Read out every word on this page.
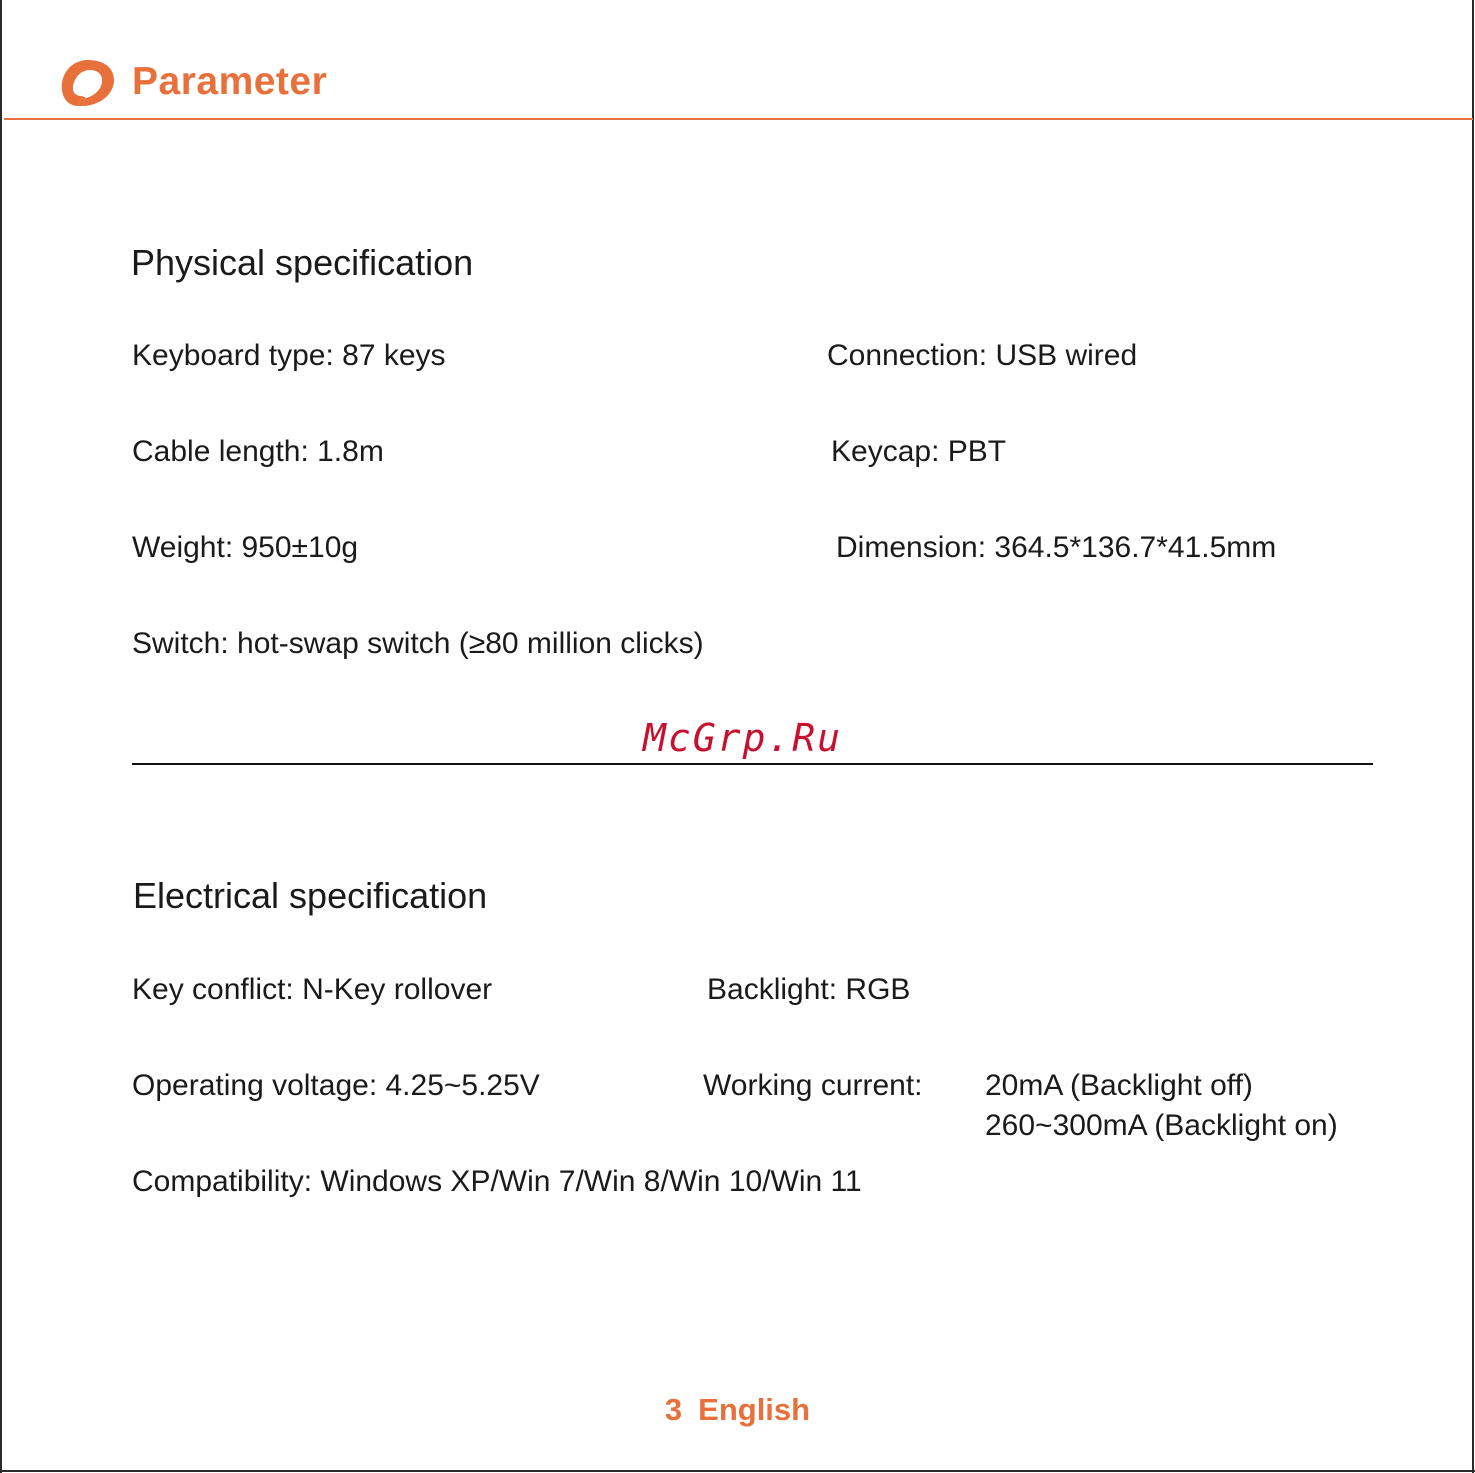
Parameter
Physical specification
Keyboard type: 87 keys	Connection: USB wired
Cable length: 1.8m	Keycap: PBT
Weight: 950±10g	Dimension: 364.5*136.7*41.5mm
Switch: hot-swap switch (≥80 million clicks)
McGrp.Ru
Electrical specification
Key conflict: N-Key rollover	Backlight: RGB
Operating voltage: 4.25~5.25V	Working current: 20mA (Backlight off)
260~300mA (Backlight on)
Compatibility: Windows XP/Win 7/Win 8/Win 10/Win 11
3 English
